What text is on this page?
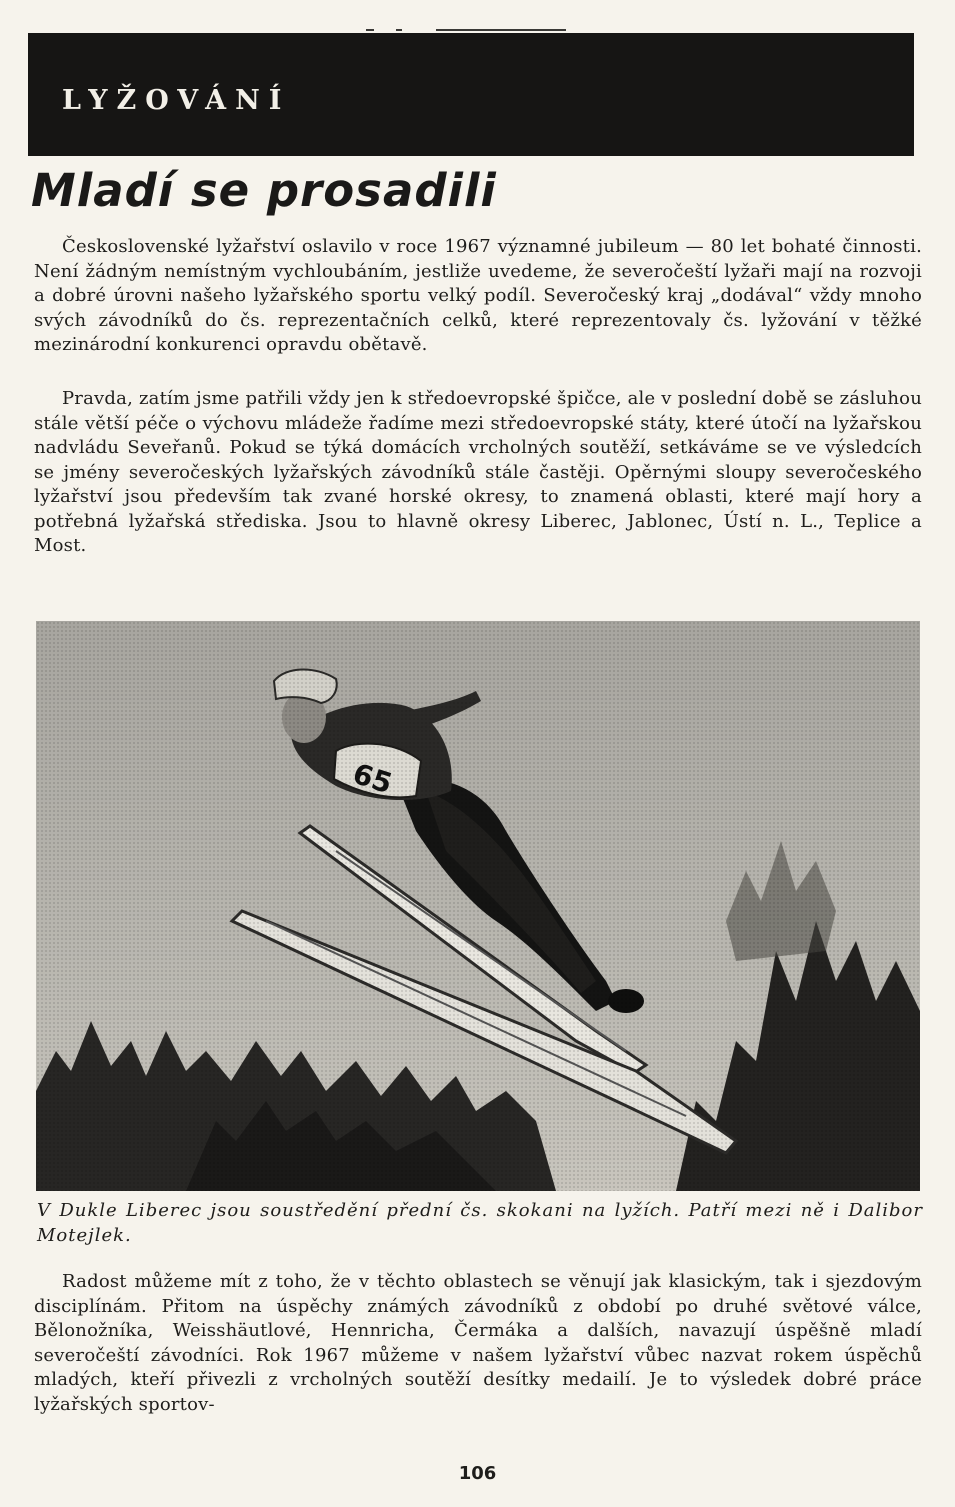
LYŽOVÁNÍ
Mladí se prosadili

Československé lyžařství oslavilo v roce 1967 významné jubileum — 80 let bohaté činnosti. Není žádným nemístným vychloubáním, jestliže uvedeme, že severočeští lyžaři mají na rozvoji a dobré úrovni našeho lyžařského sportu velký podíl. Severočeský kraj „dodával“ vždy mnoho svých závodníků do čs. reprezentačních celků, které reprezentovaly čs. lyžování v těžké mezinárodní konkurenci opravdu obětavě.

Pravda, zatím jsme patřili vždy jen k středoevropské špičce, ale v poslední době se zásluhou stále větší péče o výchovu mládeže řadíme mezi středoevropské státy, které útočí na lyžařskou nadvládu Seveřanů. Pokud se týká domácích vrcholných soutěží, setkáváme se ve výsledcích se jmény severočeských lyžařských závodníků stále častěji. Opěrnými sloupy severočeského lyžařství jsou především tak zvané horské okresy, to znamená oblasti, které mají hory a potřebná lyžařská střediska. Jsou to hlavně okresy Liberec, Jablonec, Ústí n. L., Teplice a Most.

V Dukle Liberec jsou soustředění přední čs. skokani na lyžích. Patří mezi ně i Dalibor Motejlek.

Radost můžeme mít z toho, že v těchto oblastech se věnují jak klasickým, tak i sjezdovým disciplínám. Přitom na úspěchy známých závodníků z období po druhé světové válce, Bělonožníka, Weisshäutlové, Hennricha, Čermáka a dalších, navazují úspěšně mladí severočeští závodníci. Rok 1967 můžeme v našem lyžařství vůbec nazvat rokem úspěchů mladých, kteří přivezli z vrcholných soutěží desítky medailí. Je to výsledek dobré práce lyžařských sportov-

106
